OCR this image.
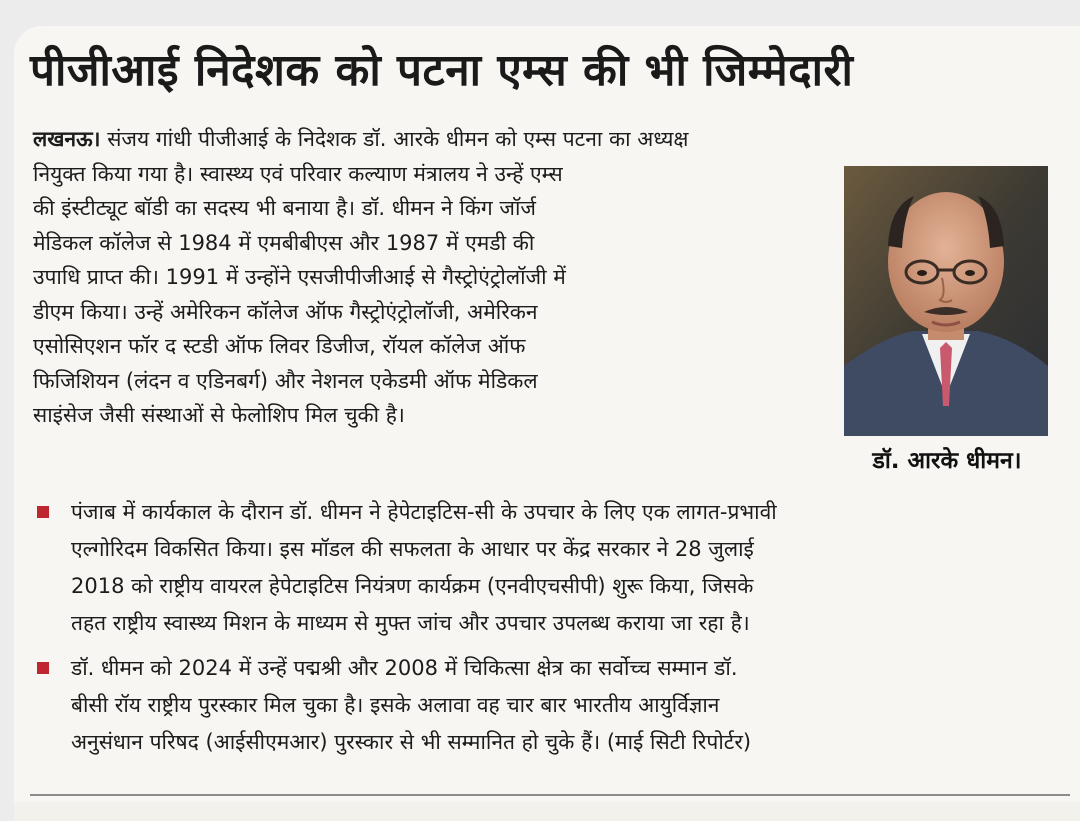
पीजीआई निदेशक को पटना एम्स की भी जिम्मेदारी
लखनऊ। संजय गांधी पीजीआई के निदेशक डॉ. आरके धीमन को एम्स पटना का अध्यक्ष
नियुक्त किया गया है। स्वास्थ्य एवं परिवार कल्याण मंत्रालय ने उन्हें एम्स
की इंस्टीट्यूट बॉडी का सदस्य भी बनाया है। डॉ. धीमन ने किंग जॉर्ज
मेडिकल कॉलेज से 1984 में एमबीबीएस और 1987 में एमडी की
उपाधि प्राप्त की। 1991 में उन्होंने एसजीपीजीआई से गैस्ट्रोएंट्रोलॉजी में
डीएम किया। उन्हें अमेरिकन कॉलेज ऑफ गैस्ट्रोएंट्रोलॉजी, अमेरिकन
एसोसिएशन फॉर द स्टडी ऑफ लिवर डिजीज, रॉयल कॉलेज ऑफ
फिजिशियन (लंदन व एडिनबर्ग) और नेशनल एकेडमी ऑफ मेडिकल
साइंसेज जैसी संस्थाओं से फेलोशिप मिल चुकी है।
डॉ. आरके धीमन।
पंजाब में कार्यकाल के दौरान डॉ. धीमन ने हेपेटाइटिस-सी के उपचार के लिए एक लागत-प्रभावी
एल्गोरिदम विकसित किया। इस मॉडल की सफलता के आधार पर केंद्र सरकार ने 28 जुलाई
2018 को राष्ट्रीय वायरल हेपेटाइटिस नियंत्रण कार्यक्रम (एनवीएचसीपी) शुरू किया, जिसके
तहत राष्ट्रीय स्वास्थ्य मिशन के माध्यम से मुफ्त जांच और उपचार उपलब्ध कराया जा रहा है।
डॉ. धीमन को 2024 में उन्हें पद्मश्री और 2008 में चिकित्सा क्षेत्र का सर्वोच्च सम्मान डॉ.
बीसी रॉय राष्ट्रीय पुरस्कार मिल चुका है। इसके अलावा वह चार बार भारतीय आयुर्विज्ञान
अनुसंधान परिषद (आईसीएमआर) पुरस्कार से भी सम्मानित हो चुके हैं। (माई सिटी रिपोर्टर)
